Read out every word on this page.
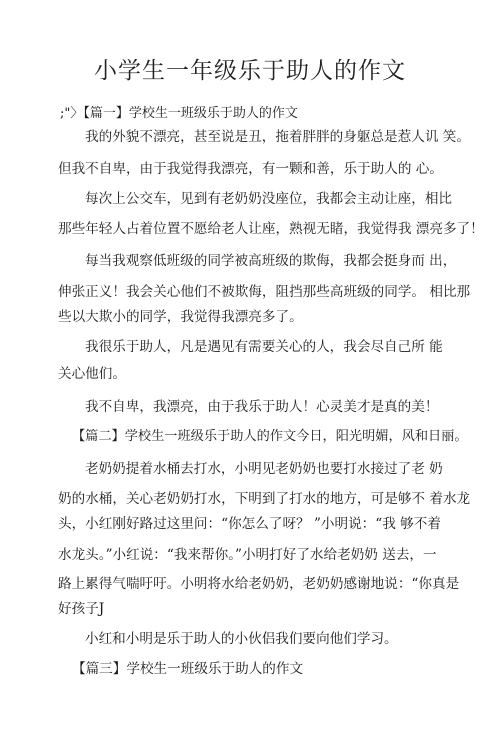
小学生一年级乐于助人的作文
;"〉【篇一】学校生一班级乐于助人的作文
我的外貌不漂亮，甚至说是丑，拖着胖胖的身躯总是惹人讥 笑。
但我不自卑，由于我觉得我漂亮，有一颗和善，乐于助人的 心。
每次上公交车，见到有老奶奶没座位，我都会主动让座，相比
那些年轻人占着位置不愿给老人让座，熟视无睹，我觉得我 漂亮多了！
每当我观察低班级的同学被高班级的欺侮，我都会挺身而 出，
伸张正义！我会关心他们不被欺侮，阻挡那些高班级的同学。 相比那
些以大欺小的同学，我觉得我漂亮多了。
我很乐于助人，凡是遇见有需要关心的人，我会尽自己所 能
关心他们。
我不自卑，我漂亮，由于我乐于助人！心灵美才是真的美！
【篇二】学校生一班级乐于助人的作文今日，阳光明媚，风和日丽。
老奶奶提着水桶去打水，小明见老奶奶也要打水接过了老 奶
奶的水桶，关心老奶奶打水，下明到了打水的地方，可是够不 着水龙
头，小红刚好路过这里问：“你怎么了呀？ ”小明说：“我 够不着
水龙头。”小红说：“我来帮你。”小明打好了水给老奶奶 送去，一
路上累得气喘吁吁。小明将水给老奶奶，老奶奶感谢地说：“你真是
好孩子J
小红和小明是乐于助人的小伙侣我们要向他们学习。
【篇三】学校生一班级乐于助人的作文
